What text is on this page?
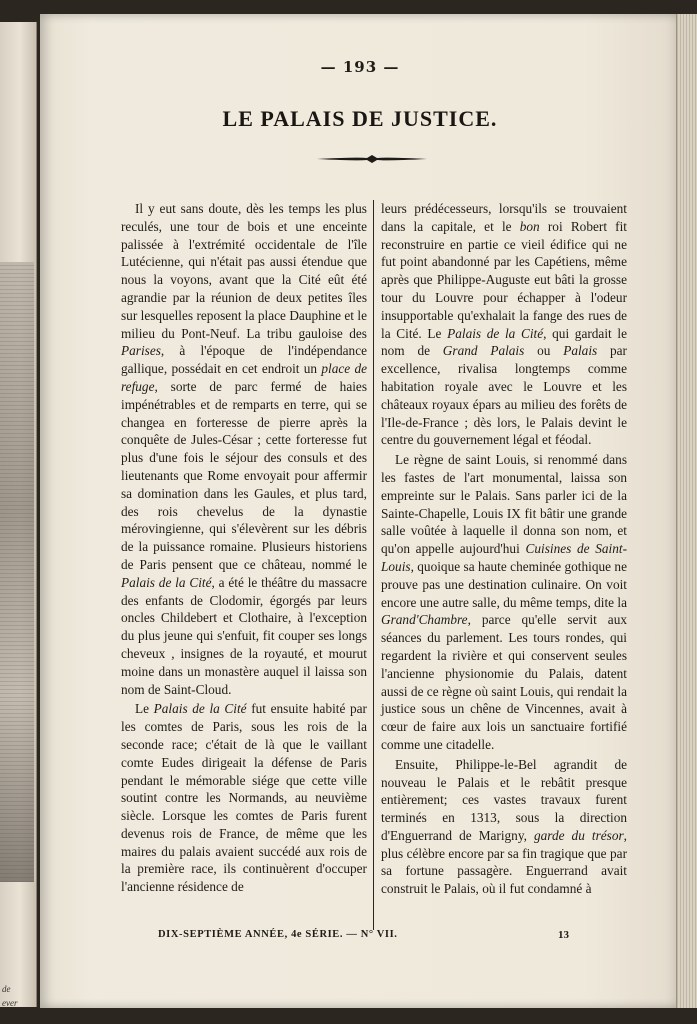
de
ever
— 193 —
LE PALAIS DE JUSTICE.

Il y eut sans doute, dès les temps les plus reculés, une tour de bois et une enceinte palissée à l'extrémité occidentale de l'île Lutécienne, qui n'était pas aussi étendue que nous la voyons, avant que la Cité eût été agrandie par la réunion de deux petites îles sur lesquelles reposent la place Dauphine et le milieu du Pont-Neuf. La tribu gauloise des Parises, à l'époque de l'indépendance gallique, possédait en cet endroit un place de refuge, sorte de parc fermé de haies impénétrables et de remparts en terre, qui se changea en forteresse de pierre après la conquête de Jules-César ; cette forteresse fut plus d'une fois le séjour des consuls et des lieutenants que Rome envoyait pour affermir sa domination dans les Gaules, et plus tard, des rois chevelus de la dynastie mérovingienne, qui s'élevèrent sur les débris de la puissance romaine. Plusieurs historiens de Paris pensent que ce château, nommé le Palais de la Cité, a été le théâtre du massacre des enfants de Clodomir, égorgés par leurs oncles Childebert et Clothaire, à l'exception du plus jeune qui s'enfuit, fit couper ses longs cheveux , insignes de la royauté, et mourut moine dans un monastère auquel il laissa son nom de Saint-Cloud.

Le Palais de la Cité fut ensuite habité par les comtes de Paris, sous les rois de la seconde race; c'était de là que le vaillant comte Eudes dirigeait la défense de Paris pendant le mémorable siége que cette ville soutint contre les Normands, au neuvième siècle. Lorsque les comtes de Paris furent devenus rois de France, de même que les maires du palais avaient succédé aux rois de la première race, ils continuèrent d'occuper l'ancienne résidence de

leurs prédécesseurs, lorsqu'ils se trouvaient dans la capitale, et le bon roi Robert fit reconstruire en partie ce vieil édifice qui ne fut point abandonné par les Capétiens, même après que Philippe-Auguste eut bâti la grosse tour du Louvre pour échapper à l'odeur insupportable qu'exhalait la fange des rues de la Cité. Le Palais de la Cité, qui gardait le nom de Grand Palais ou Palais par excellence, rivalisa longtemps comme habitation royale avec le Louvre et les châteaux royaux épars au milieu des forêts de l'Ile-de-France ; dès lors, le Palais devint le centre du gouvernement légal et féodal.

Le règne de saint Louis, si renommé dans les fastes de l'art monumental, laissa son empreinte sur le Palais. Sans parler ici de la Sainte-Chapelle, Louis IX fit bâtir une grande salle voûtée à laquelle il donna son nom, et qu'on appelle aujourd'hui Cuisines de Saint-Louis, quoique sa haute cheminée gothique ne prouve pas une destination culinaire. On voit encore une autre salle, du même temps, dite la Grand'Chambre, parce qu'elle servit aux séances du parlement. Les tours rondes, qui regardent la rivière et qui conservent seules l'ancienne physionomie du Palais, datent aussi de ce règne où saint Louis, qui rendait la justice sous un chêne de Vincennes, avait à cœur de faire aux lois un sanctuaire fortifié comme une citadelle.

Ensuite, Philippe-le-Bel agrandit de nouveau le Palais et le rebâtit presque entièrement; ces vastes travaux furent terminés en 1313, sous la direction d'Enguerrand de Marigny, garde du trésor, plus célèbre encore par sa fin tragique que par sa fortune passagère. Enguerrand avait construit le Palais, où il fut condamné à

DIX-SEPTIÈME ANNÉE, 4e SÉRIE. — N° VII.	13
